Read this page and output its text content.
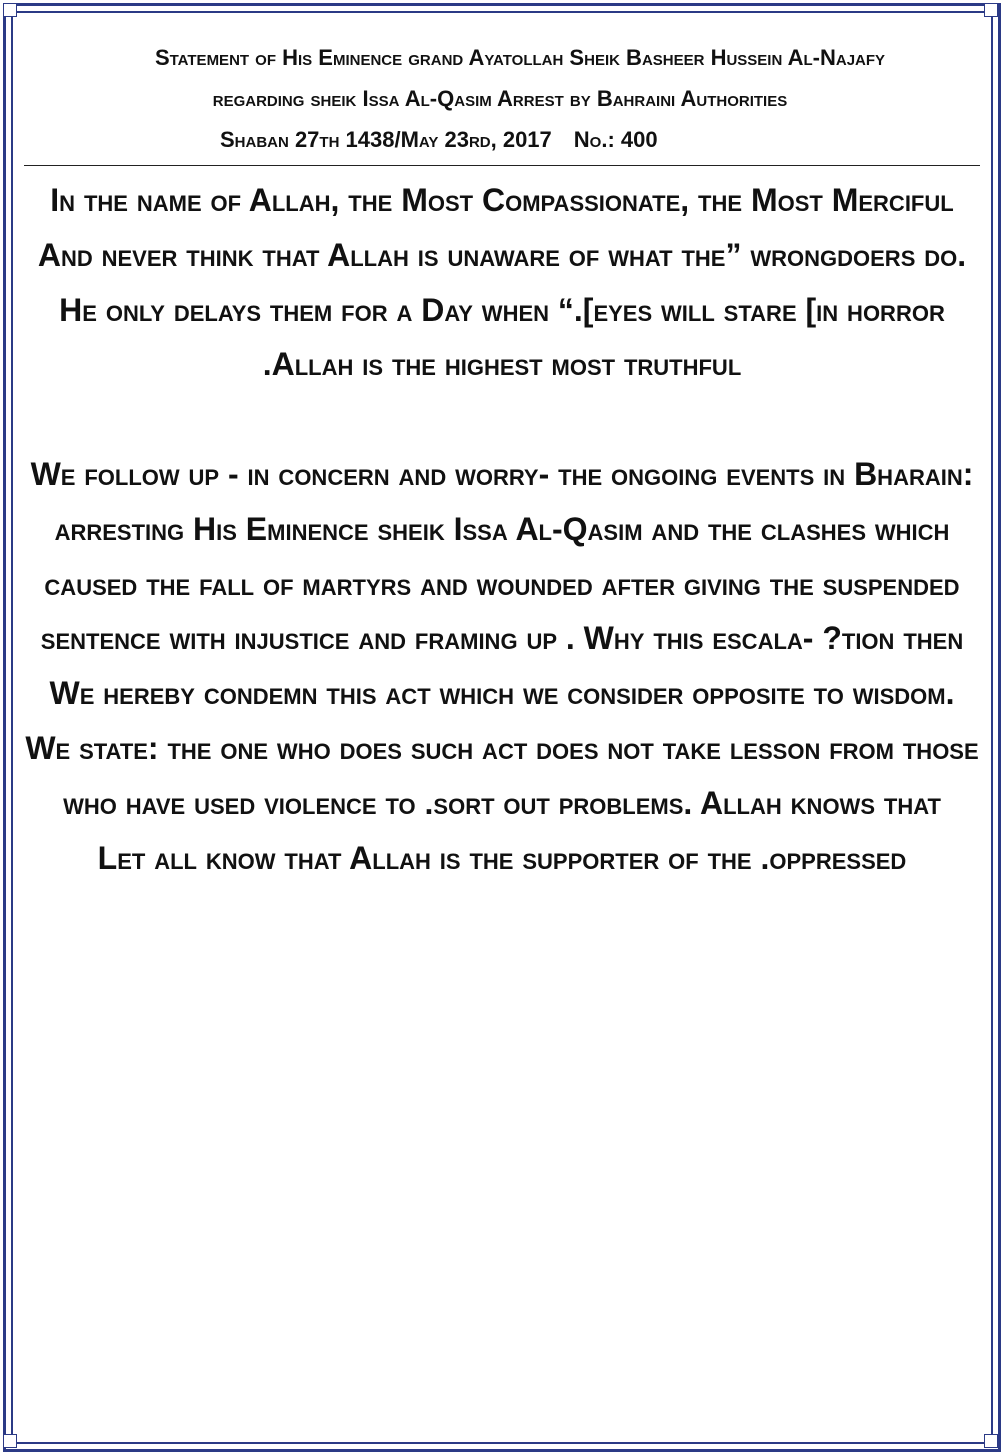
Statement of His Eminence grand Ayatollah Sheik Basheer Hussein Al-Najafy
regarding sheik Issa Al-Qasim Arrest by Bahraini Authorities
Shaban 27th 1438/May 23rd, 2017 No.: 400
In the name of Allah, the Most Compassionate, the Most Merciful
And never think that Allah is unaware of what the” wrongdoers do. He only delays them for a Day when “.[eyes will stare [in horror
.Allah is the highest most truthful
We follow up - in concern and worry- the ongoing events in Bharain: arresting His Eminence sheik Issa Al-Qasim and the clashes which caused the fall of martyrs and wounded after giving the suspended sentence with injustice and framing up . Why this escala- ?tion then
We hereby condemn this act which we consider opposite to wisdom. We state: the one who does such act does not take lesson from those who have used violence to .sort out problems. Allah knows that
Let all know that Allah is the supporter of the .oppressed
